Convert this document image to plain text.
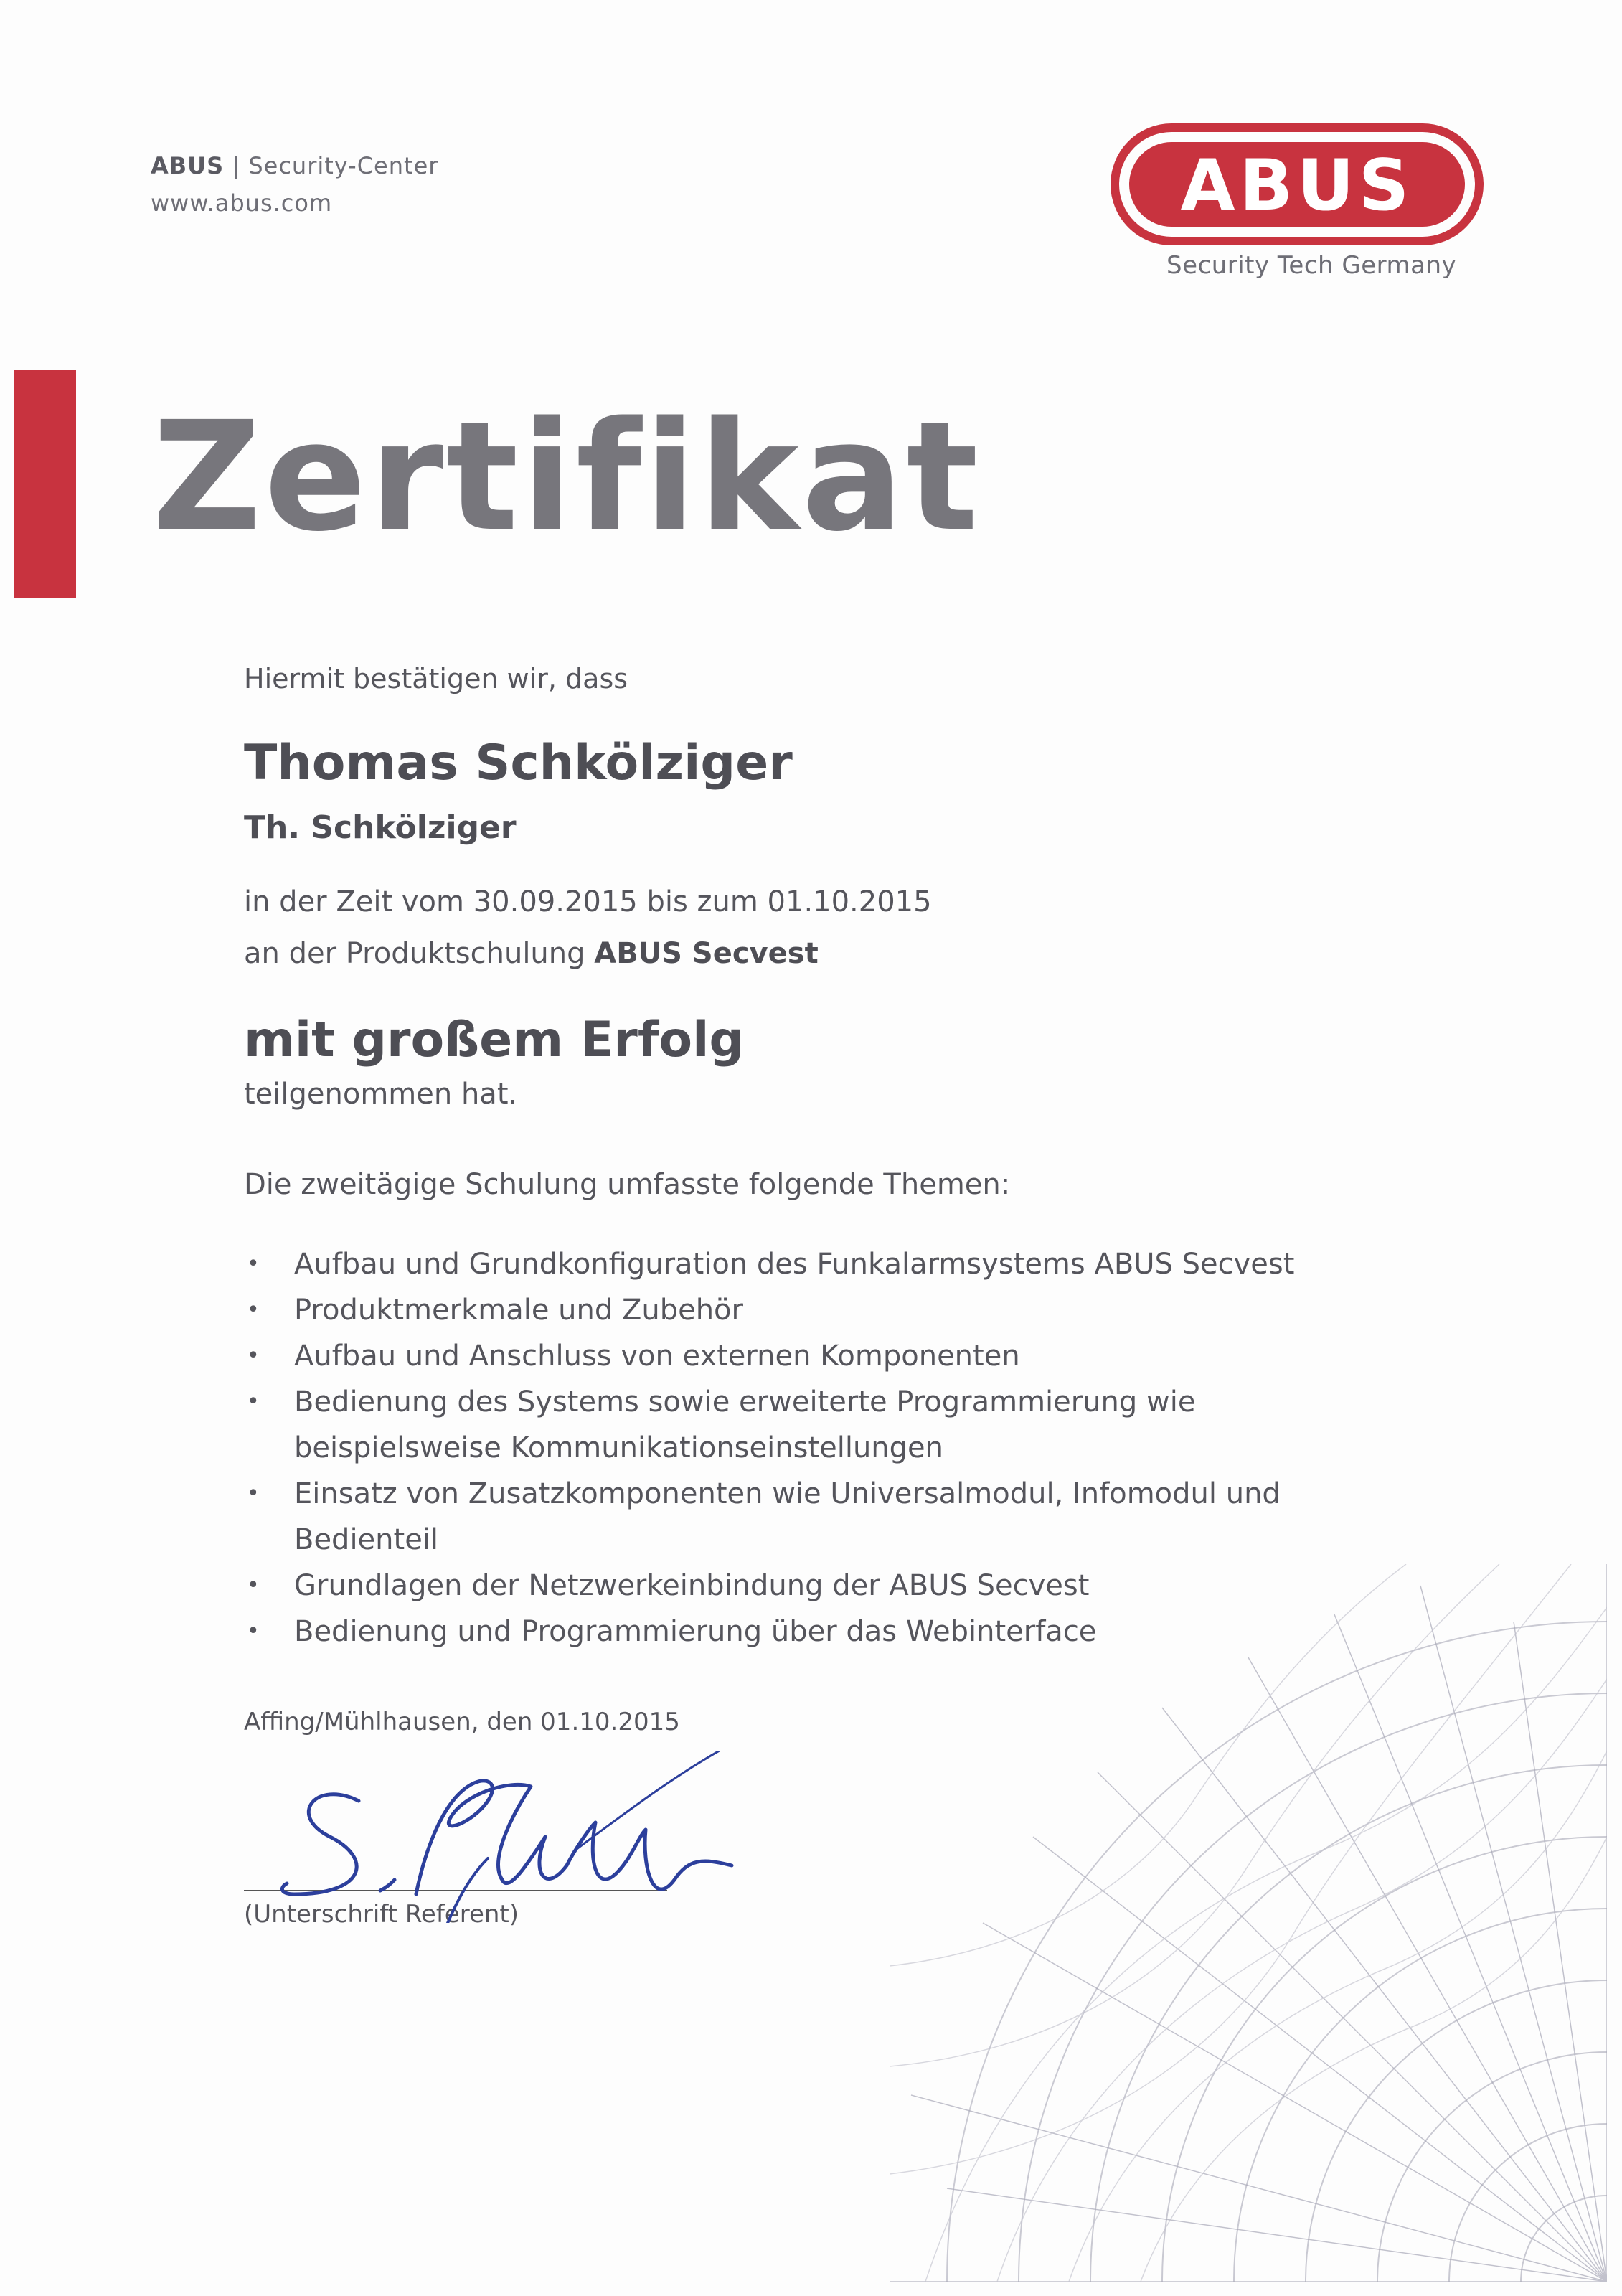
ABUS | Security-Center
www.abus.com	ABUS
Security Tech Germany
Zertifikat
Hiermit bestätigen wir, dass
Thomas Schkölziger
Th. Schkölziger
in der Zeit vom 30.09.2015 bis zum 01.10.2015
an der Produktschulung ABUS Secvest
mit großem Erfolg
teilgenommen hat.
Die zweitägige Schulung umfasste folgende Themen:
• Aufbau und Grundkonfiguration des Funkalarmsystems ABUS Secvest
• Produktmerkmale und Zubehör
• Aufbau und Anschluss von externen Komponenten
• Bedienung des Systems sowie erweiterte Programmierung wie beispielsweise Kommunikationseinstellungen
• Einsatz von Zusatzkomponenten wie Universalmodul, Infomodul und Bedienteil
• Grundlagen der Netzwerkeinbindung der ABUS Secvest
• Bedienung und Programmierung über das Webinterface
Affing/Mühlhausen, den 01.10.2015
(Unterschrift Referent)
